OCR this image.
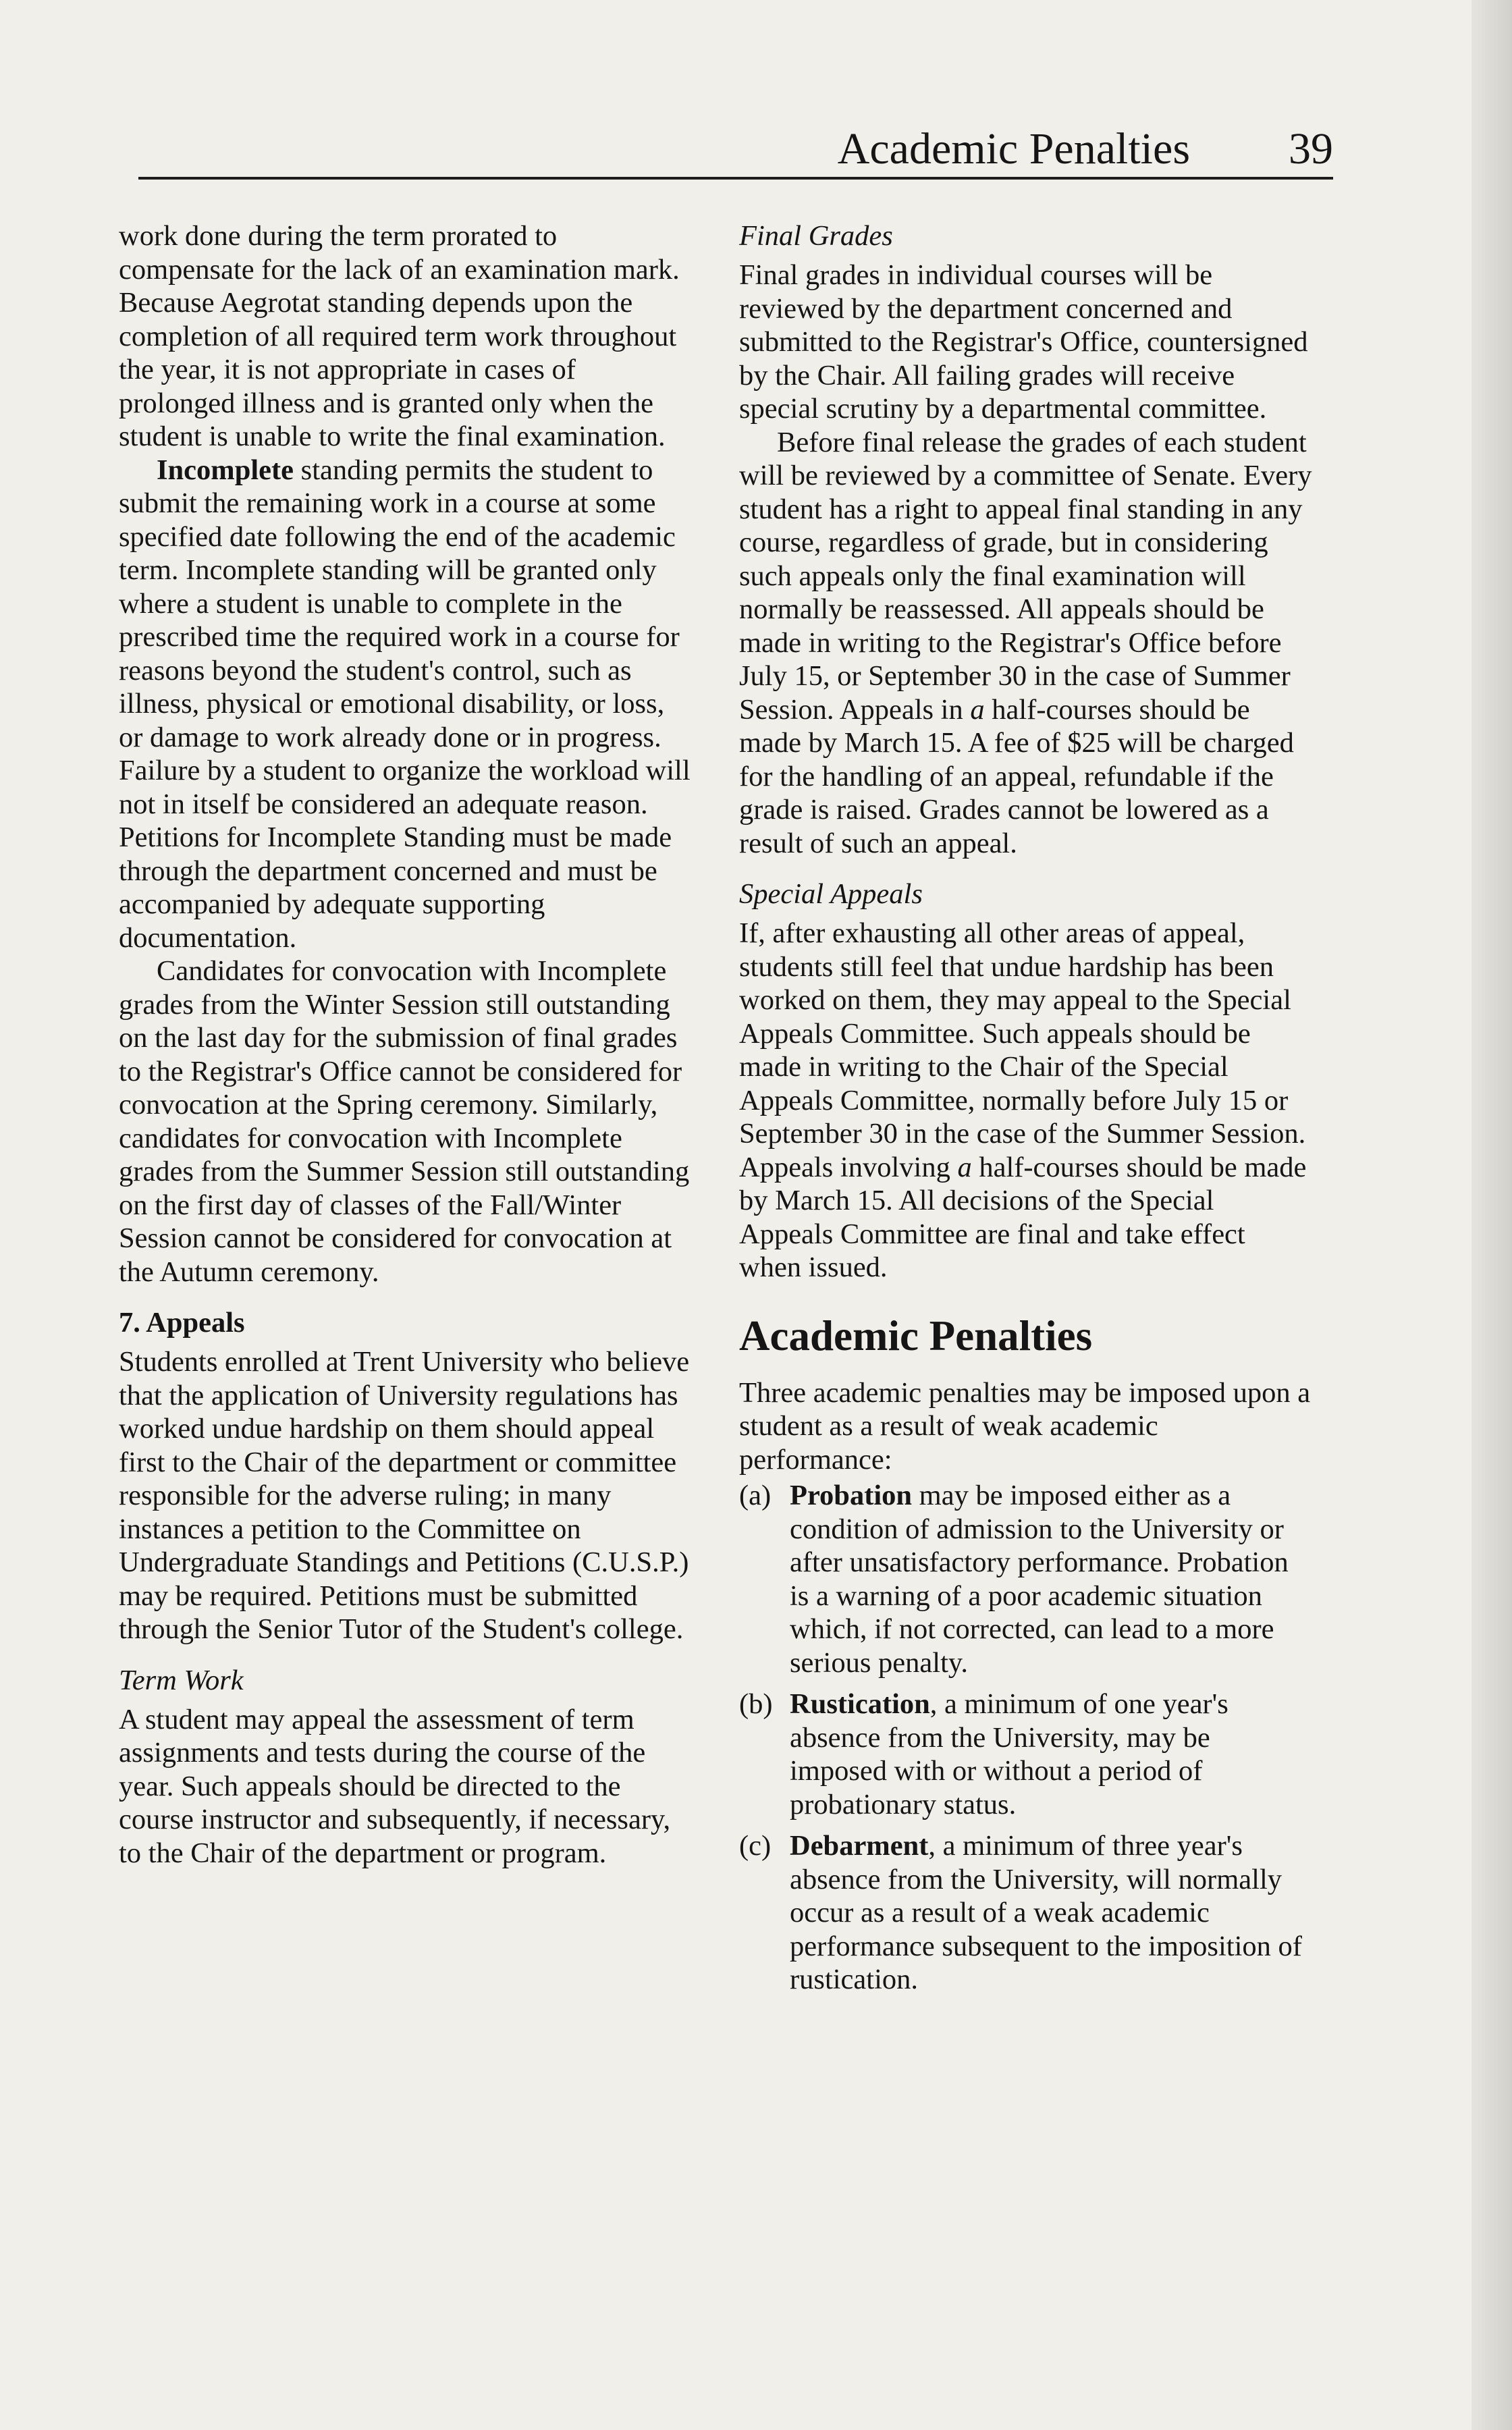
Academic Penalties 39

work done during the term prorated to compensate for the lack of an examination mark. Because Aegrotat standing depends upon the completion of all required term work throughout the year, it is not appropriate in cases of prolonged illness and is granted only when the student is unable to write the final examination.

Incomplete standing permits the student to submit the remaining work in a course at some specified date following the end of the academic term. Incomplete standing will be granted only where a student is unable to complete in the prescribed time the required work in a course for reasons beyond the student's control, such as illness, physical or emotional disability, or loss, or damage to work already done or in progress. Failure by a student to organize the workload will not in itself be considered an adequate reason. Petitions for Incomplete Standing must be made through the department concerned and must be accompanied by adequate supporting documentation.

Candidates for convocation with Incomplete grades from the Winter Session still outstanding on the last day for the submission of final grades to the Registrar's Office cannot be considered for convocation at the Spring ceremony. Similarly, candidates for convocation with Incomplete grades from the Summer Session still outstanding on the first day of classes of the Fall/Winter Session cannot be considered for convocation at the Autumn ceremony.

7. Appeals

Students enrolled at Trent University who believe that the application of University regulations has worked undue hardship on them should appeal first to the Chair of the department or committee responsible for the adverse ruling; in many instances a petition to the Committee on Undergraduate Standings and Petitions (C.U.S.P.) may be required. Petitions must be submitted through the Senior Tutor of the Student's college.

Term Work

A student may appeal the assessment of term assignments and tests during the course of the year. Such appeals should be directed to the course instructor and subsequently, if necessary, to the Chair of the department or program.

Final Grades

Final grades in individual courses will be reviewed by the department concerned and submitted to the Registrar's Office, countersigned by the Chair. All failing grades will receive special scrutiny by a departmental committee.

Before final release the grades of each student will be reviewed by a committee of Senate. Every student has a right to appeal final standing in any course, regardless of grade, but in considering such appeals only the final examination will normally be reassessed. All appeals should be made in writing to the Registrar's Office before July 15, or September 30 in the case of Summer Session. Appeals in a half-courses should be made by March 15. A fee of $25 will be charged for the handling of an appeal, refundable if the grade is raised. Grades cannot be lowered as a result of such an appeal.

Special Appeals

If, after exhausting all other areas of appeal, students still feel that undue hardship has been worked on them, they may appeal to the Special Appeals Committee. Such appeals should be made in writing to the Chair of the Special Appeals Committee, normally before July 15 or September 30 in the case of the Summer Session. Appeals involving a half-courses should be made by March 15. All decisions of the Special Appeals Committee are final and take effect when issued.

Academic Penalties

Three academic penalties may be imposed upon a student as a result of weak academic performance:

(a) Probation may be imposed either as a condition of admission to the University or after unsatisfactory performance. Probation is a warning of a poor academic situation which, if not corrected, can lead to a more serious penalty.
(b) Rustication, a minimum of one year's absence from the University, may be imposed with or without a period of probationary status.
(c) Debarment, a minimum of three year's absence from the University, will normally occur as a result of a weak academic performance subsequent to the imposition of rustication.
